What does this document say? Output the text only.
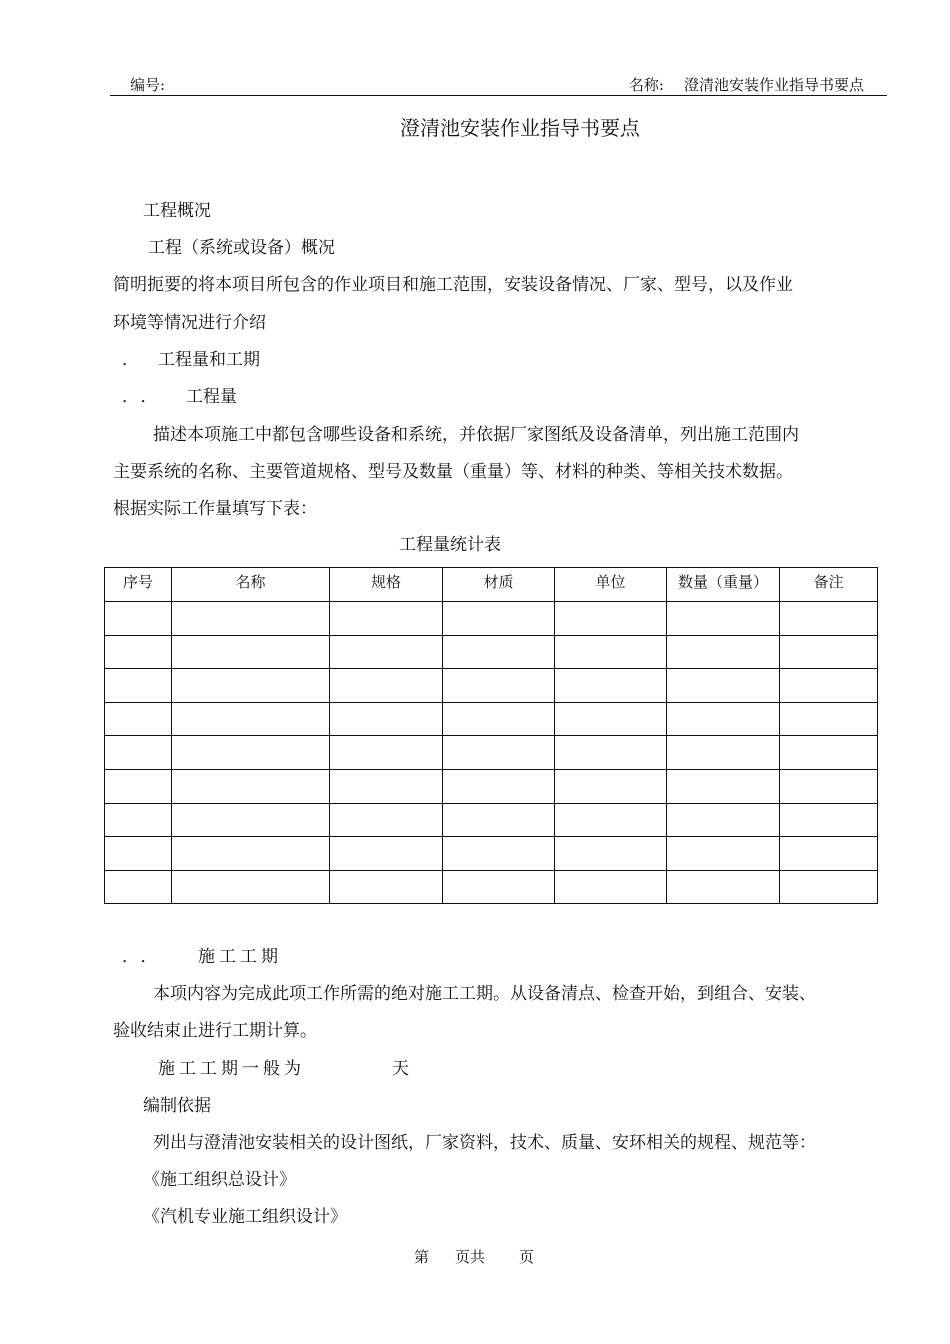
编号:	名称: 澄清池安装作业指导书要点
澄清池安装作业指导书要点
工程概况
工程（系统或设备）概况
简明扼要的将本项目所包含的作业项目和施工范围，安装设备情况、厂家、型号，以及作业
环境等情况进行介绍
． 工程量和工期
．． 工程量
描述本项施工中都包含哪些设备和系统，并依据厂家图纸及设备清单，列出施工范围内
主要系统的名称、主要管道规格、型号及数量（重量）等、材料的种类、等相关技术数据。
根据实际工作量填写下表：
工程量统计表
序号	名称	规格	材质	单位	数量（重量）	备注

．． 施工工期
本项内容为完成此项工作所需的绝对施工工期。从设备清点、检查开始，到组合、安装、
验收结束止进行工期计算。
施工工期一般为	天
编制依据
列出与澄清池安装相关的设计图纸，厂家资料，技术、质量、安环相关的规程、规范等：
《施工组织总设计》
《汽机专业施工组织设计》
第 页共 页
